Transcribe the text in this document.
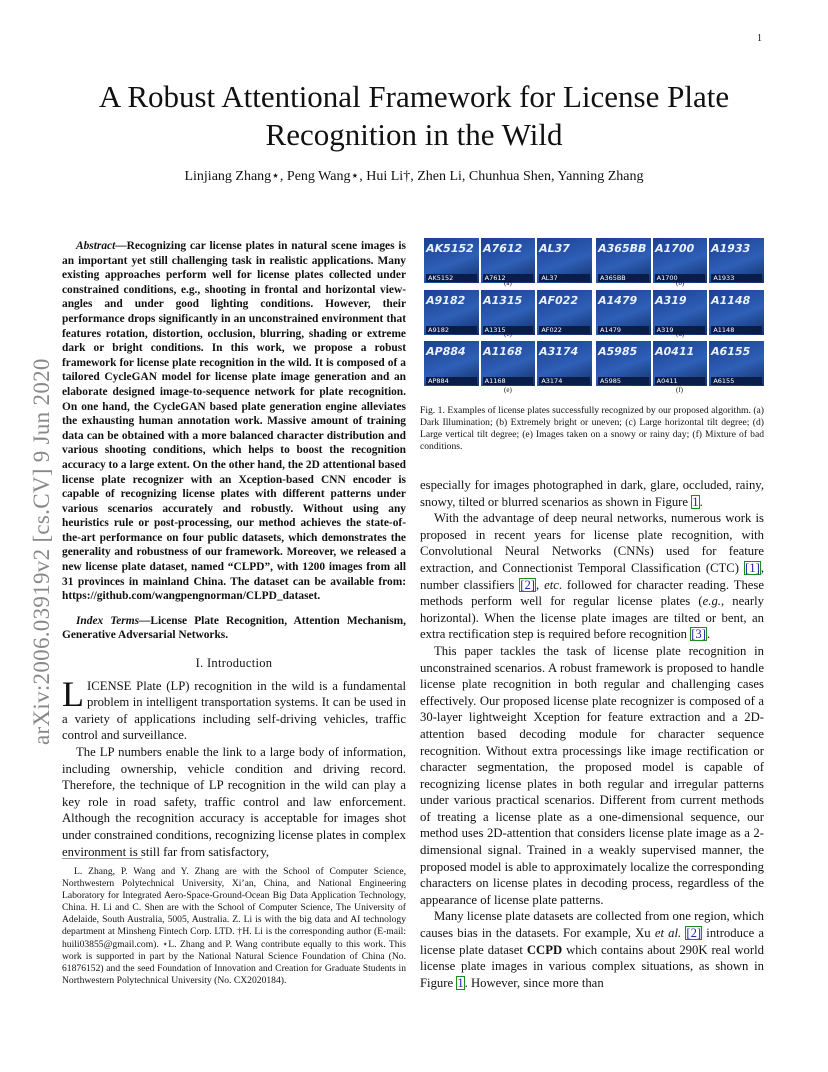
1
arXiv:2006.03919v2 [cs.CV] 9 Jun 2020
A Robust Attentional Framework for License Plate Recognition in the Wild
Linjiang Zhang⋆, Peng Wang⋆, Hui Li†, Zhen Li, Chunhua Shen, Yanning Zhang

Abstract—Recognizing car license plates in natural scene images is an important yet still challenging task in realistic applications. Many existing approaches perform well for license plates collected under constrained conditions, e.g., shooting in frontal and horizontal view-angles and under good lighting conditions. However, their performance drops significantly in an unconstrained environment that features rotation, distortion, occlusion, blurring, shading or extreme dark or bright conditions. In this work, we propose a robust framework for license plate recognition in the wild. It is composed of a tailored CycleGAN model for license plate image generation and an elaborate designed image-to-sequence network for plate recognition. On one hand, the CycleGAN based plate generation engine alleviates the exhausting human annotation work. Massive amount of training data can be obtained with a more balanced character distribution and various shooting conditions, which helps to boost the recognition accuracy to a large extent. On the other hand, the 2D attentional based license plate recognizer with an Xception-based CNN encoder is capable of recognizing license plates with different patterns under various scenarios accurately and robustly. Without using any heuristics rule or post-processing, our method achieves the state-of-the-art performance on four public datasets, which demonstrates the generality and robustness of our framework. Moreover, we released a new license plate dataset, named “CLPD”, with 1200 images from all 31 provinces in mainland China. The dataset can be available from: https://github.com/wangpengnorman/CLPD_dataset.

Index Terms—License Plate Recognition, Attention Mechanism, Generative Adversarial Networks.

I. Introduction

LICENSE Plate (LP) recognition in the wild is a fundamental problem in intelligent transportation systems. It can be used in a variety of applications including self-driving vehicles, traffic control and surveillance.

The LP numbers enable the link to a large body of information, including ownership, vehicle condition and driving record. Therefore, the technique of LP recognition in the wild can play a key role in road safety, traffic control and law enforcement. Although the recognition accuracy is acceptable for images shot under constrained conditions, recognizing license plates in complex environment is still far from satisfactory,

L. Zhang, P. Wang and Y. Zhang are with the School of Computer Science, Northwestern Polytechnical University, Xi’an, China, and National Engineering Laboratory for Integrated Aero-Space-Ground-Ocean Big Data Application Technology, China. H. Li and C. Shen are with the School of Computer Science, The University of Adelaide, South Australia, 5005, Australia. Z. Li is with the big data and AI technology department at Minsheng Fintech Corp. LTD. †H. Li is the corresponding author (E-mail: huili03855@gmail.com). ⋆L. Zhang and P. Wang contribute equally to this work. This work is supported in part by the National Natural Science Foundation of China (No. 61876152) and the seed Foundation of Innovation and Creation for Graduate Students in Northwestern Polytechnical University (No. CX2020184).
AK5152
AK5152
A7612
A7612
AL37
AL37
(a)
A365BB
A365BB
A1700
A1700
A1933
A1933
(b)
A9182
A9182
A1315
A1315
AF022
AF022
(c)
A1479
A1479
A319
A319
A1148
A1148
(d)
AP884
AP884
A1168
A1168
A3174
A3174
(e)
A5985
A5985
A0411
A0411
A6155
A6155
(f)
Fig. 1. Examples of license plates successfully recognized by our proposed algorithm. (a) Dark Illumination; (b) Extremely bright or uneven; (c) Large horizontal tilt degree; (d) Large vertical tilt degree; (e) Images taken on a snowy or rainy day; (f) Mixture of bad conditions.

especially for images photographed in dark, glare, occluded, rainy, snowy, tilted or blurred scenarios as shown in Figure 1.

With the advantage of deep neural networks, numerous work is proposed in recent years for license plate recognition, with Convolutional Neural Networks (CNNs) used for feature extraction, and Connectionist Temporal Classification (CTC) [1], number classifiers [2], etc. followed for character reading. These methods perform well for regular license plates (e.g., nearly horizontal). When the license plate images are tilted or bent, an extra rectification step is required before recognition [3].

This paper tackles the task of license plate recognition in unconstrained scenarios. A robust framework is proposed to handle license plate recognition in both regular and challenging cases effectively. Our proposed license plate recognizer is composed of a 30-layer lightweight Xception for feature extraction and a 2D-attention based decoding module for character sequence recognition. Without extra processings like image rectification or character segmentation, the proposed model is capable of recognizing license plates in both regular and irregular patterns under various practical scenarios. Different from current methods of treating a license plate as a one-dimensional sequence, our method uses 2D-attention that considers license plate image as a 2-dimensional signal. Trained in a weakly supervised manner, the proposed model is able to approximately localize the corresponding characters on license plates in decoding process, regardless of the appearance of license plate patterns.

Many license plate datasets are collected from one region, which causes bias in the datasets. For example, Xu et al. [2] introduce a license plate dataset CCPD which contains about 290K real world license plate images in various complex situations, as shown in Figure 1. However, since more than
